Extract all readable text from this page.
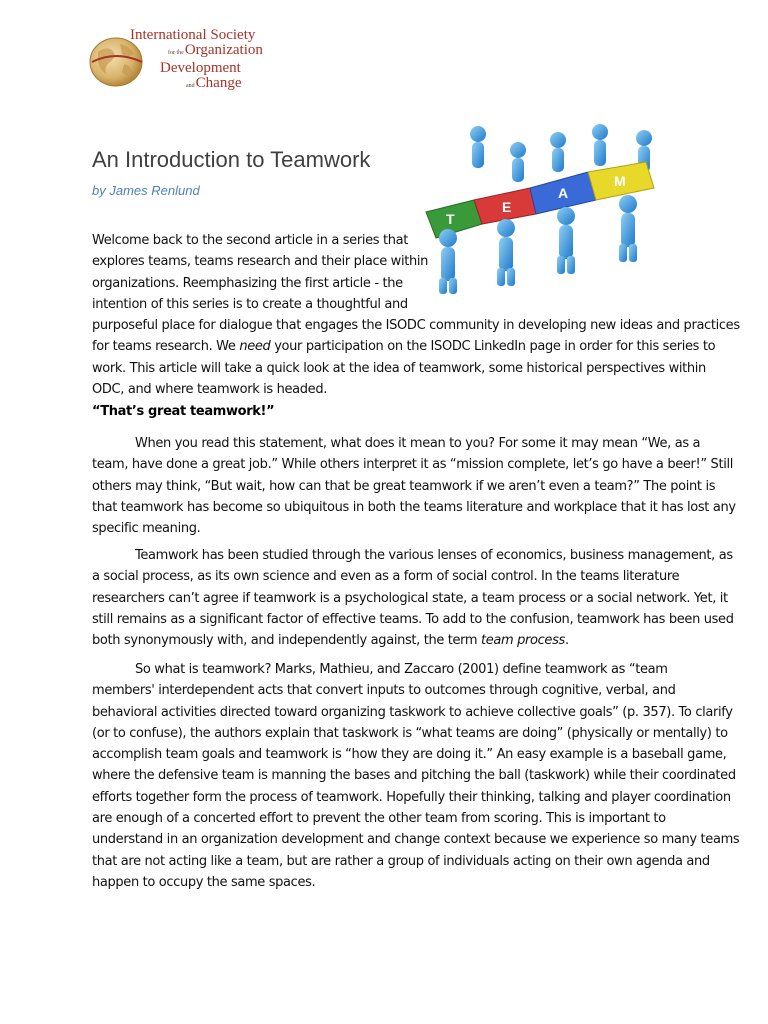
International Society
for theOrganization
Development
andChange
An Introduction to Teamwork
by James Renlund
T
E
A
M
Welcome back to the second article in a series that
explores teams, teams research and their place within
organizations. Reemphasizing the first article - the
intention of this series is to create a thoughtful and
purposeful place for dialogue that engages the ISODC community in developing new ideas and practices
for teams research. We need your participation on the ISODC LinkedIn page in order for this series to
work. This article will take a quick look at the idea of teamwork, some historical perspectives within
ODC, and where teamwork is headed.
“That’s great teamwork!”
When you read this statement, what does it mean to you? For some it may mean “We, as a
team, have done a great job.” While others interpret it as “mission complete, let’s go have a beer!” Still
others may think, “But wait, how can that be great teamwork if we aren’t even a team?” The point is
that teamwork has become so ubiquitous in both the teams literature and workplace that it has lost any
specific meaning.
Teamwork has been studied through the various lenses of economics, business management, as
a social process, as its own science and even as a form of social control. In the teams literature
researchers can’t agree if teamwork is a psychological state, a team process or a social network. Yet, it
still remains as a significant factor of effective teams. To add to the confusion, teamwork has been used
both synonymously with, and independently against, the term team process.
So what is teamwork? Marks, Mathieu, and Zaccaro (2001) define teamwork as “team
members' interdependent acts that convert inputs to outcomes through cognitive, verbal, and
behavioral activities directed toward organizing taskwork to achieve collective goals” (p. 357). To clarify
(or to confuse), the authors explain that taskwork is “what teams are doing” (physically or mentally) to
accomplish team goals and teamwork is “how they are doing it.” An easy example is a baseball game,
where the defensive team is manning the bases and pitching the ball (taskwork) while their coordinated
efforts together form the process of teamwork. Hopefully their thinking, talking and player coordination
are enough of a concerted effort to prevent the other team from scoring. This is important to
understand in an organization development and change context because we experience so many teams
that are not acting like a team, but are rather a group of individuals acting on their own agenda and
happen to occupy the same spaces.
